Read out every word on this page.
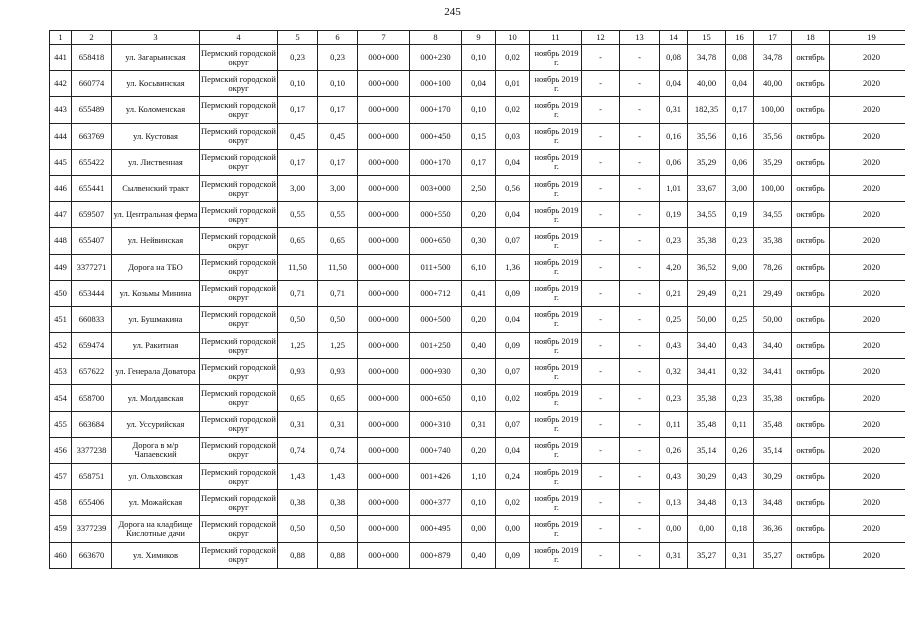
245
1	2	3	4	5	6	7	8	9	10	11	12	13	14	15	16	17	18	19
441	658418	ул. Загарьинская	Пермский городской округ	0,23	0,23	000+000	000+230	0,10	0,02	ноябрь 2019 г.	-	-	0,08	34,78	0,08	34,78	октябрь	2020
442	660774	ул. Косьвинская	Пермский городской округ	0,10	0,10	000+000	000+100	0,04	0,01	ноябрь 2019 г.	-	-	0,04	40,00	0,04	40,00	октябрь	2020
443	655489	ул. Коломенская	Пермский городской округ	0,17	0,17	000+000	000+170	0,10	0,02	ноябрь 2019 г.	-	-	0,31	182,35	0,17	100,00	октябрь	2020
444	663769	ул. Кустовая	Пермский городской округ	0,45	0,45	000+000	000+450	0,15	0,03	ноябрь 2019 г.	-	-	0,16	35,56	0,16	35,56	октябрь	2020
445	655422	ул. Лиственная	Пермский городской округ	0,17	0,17	000+000	000+170	0,17	0,04	ноябрь 2019 г.	-	-	0,06	35,29	0,06	35,29	октябрь	2020
446	655441	Сылвенский тракт	Пермский городской округ	3,00	3,00	000+000	003+000	2,50	0,56	ноябрь 2019 г.	-	-	1,01	33,67	3,00	100,00	октябрь	2020
447	659507	ул. Центральная ферма	Пермский городской округ	0,55	0,55	000+000	000+550	0,20	0,04	ноябрь 2019 г.	-	-	0,19	34,55	0,19	34,55	октябрь	2020
448	655407	ул. Нейвинская	Пермский городской округ	0,65	0,65	000+000	000+650	0,30	0,07	ноябрь 2019 г.	-	-	0,23	35,38	0,23	35,38	октябрь	2020
449	3377271	Дорога на ТБО	Пермский городской округ	11,50	11,50	000+000	011+500	6,10	1,36	ноябрь 2019 г.	-	-	4,20	36,52	9,00	78,26	октябрь	2020
450	653444	ул. Козьмы Минина	Пермский городской округ	0,71	0,71	000+000	000+712	0,41	0,09	ноябрь 2019 г.	-	-	0,21	29,49	0,21	29,49	октябрь	2020
451	660833	ул. Бушмакина	Пермский городской округ	0,50	0,50	000+000	000+500	0,20	0,04	ноябрь 2019 г.	-	-	0,25	50,00	0,25	50,00	октябрь	2020
452	659474	ул. Ракитная	Пермский городской округ	1,25	1,25	000+000	001+250	0,40	0,09	ноябрь 2019 г.	-	-	0,43	34,40	0,43	34,40	октябрь	2020
453	657622	ул. Генерала Доватора	Пермский городской округ	0,93	0,93	000+000	000+930	0,30	0,07	ноябрь 2019 г.	-	-	0,32	34,41	0,32	34,41	октябрь	2020
454	658700	ул. Молдавская	Пермский городской округ	0,65	0,65	000+000	000+650	0,10	0,02	ноябрь 2019 г.	-	-	0,23	35,38	0,23	35,38	октябрь	2020
455	663684	ул. Уссурийская	Пермский городской округ	0,31	0,31	000+000	000+310	0,31	0,07	ноябрь 2019 г.	-	-	0,11	35,48	0,11	35,48	октябрь	2020
456	3377238	Дорога в м/р Чапаевский	Пермский городской округ	0,74	0,74	000+000	000+740	0,20	0,04	ноябрь 2019 г.	-	-	0,26	35,14	0,26	35,14	октябрь	2020
457	658751	ул. Ольховская	Пермский городской округ	1,43	1,43	000+000	001+426	1,10	0,24	ноябрь 2019 г.	-	-	0,43	30,29	0,43	30,29	октябрь	2020
458	655406	ул. Можайская	Пермский городской округ	0,38	0,38	000+000	000+377	0,10	0,02	ноябрь 2019 г.	-	-	0,13	34,48	0,13	34,48	октябрь	2020
459	3377239	Дорога на кладбище Кислотные дачи	Пермский городской округ	0,50	0,50	000+000	000+495	0,00	0,00	ноябрь 2019 г.	-	-	0,00	0,00	0,18	36,36	октябрь	2020
460	663670	ул. Химиков	Пермский городской округ	0,88	0,88	000+000	000+879	0,40	0,09	ноябрь 2019 г.	-	-	0,31	35,27	0,31	35,27	октябрь	2020
